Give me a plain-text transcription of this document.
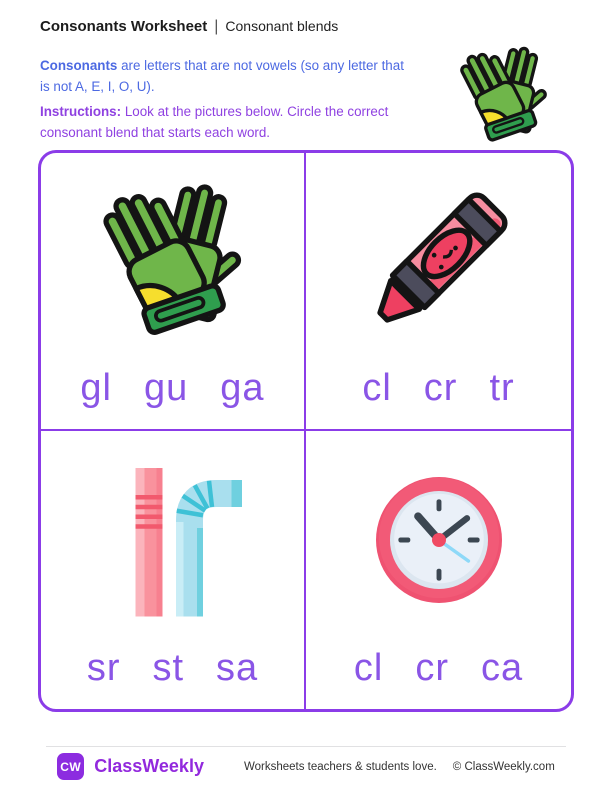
Consonants Worksheet | Consonant blends
Consonants are letters that are not vowels (so any letter that
is not A, E, I, O, U).
Instructions: Look at the pictures below. Circle the correct
consonant blend that starts each word.
gl gu ga	cl cr tr
sr st sa	cl cr ca
CW ClassWeekly	Worksheets teachers & students love. © ClassWeekly.com
